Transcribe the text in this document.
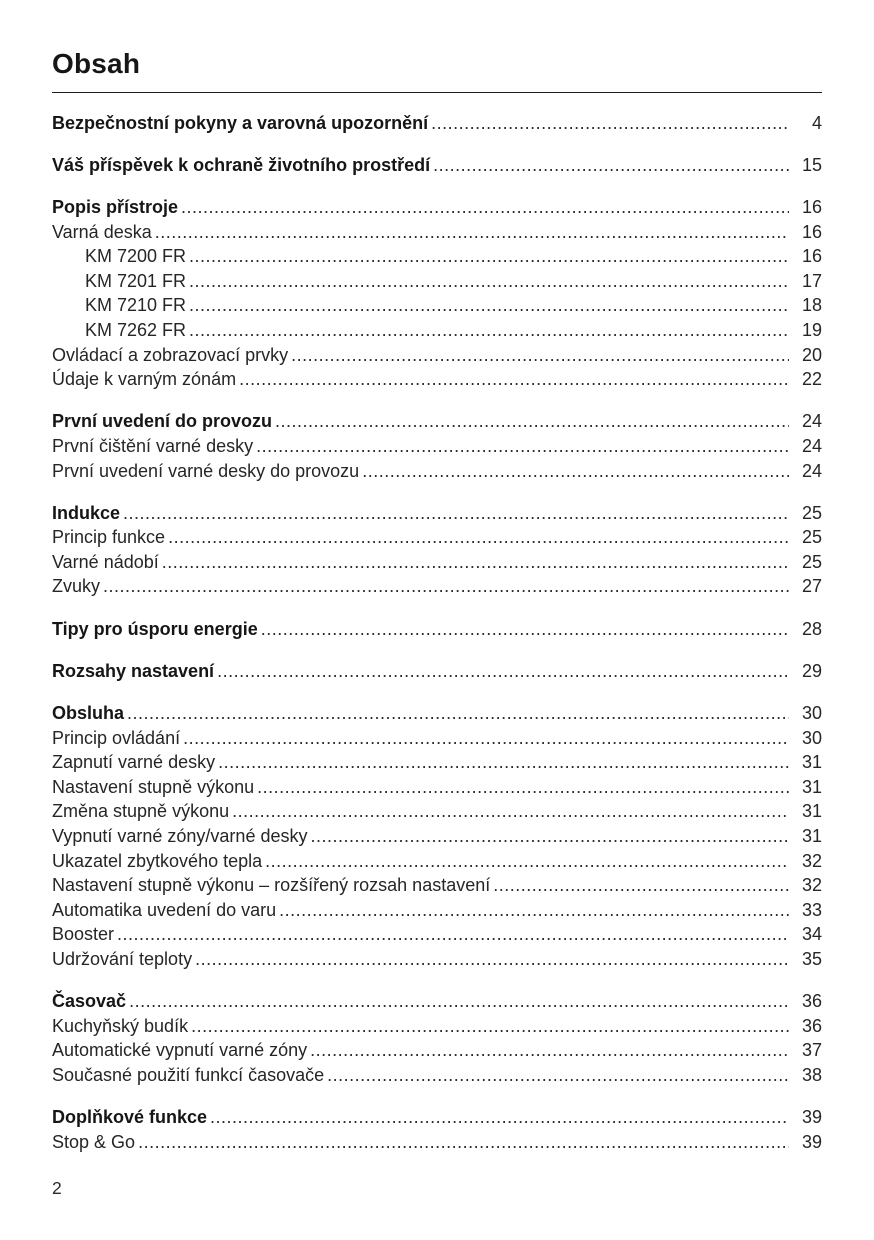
Obsah
Bezpečnostní pokyny a varovná upozornění .....	4
Váš příspěvek k ochraně životního prostředí .....	15
Popis přístroje .....	16
Varná deska .....	16
KM 7200 FR .....	16
KM 7201 FR .....	17
KM 7210 FR .....	18
KM 7262 FR .....	19
Ovládací a zobrazovací prvky .....	20
Údaje k varným zónám .....	22
První uvedení do provozu .....	24
První čištění varné desky .....	24
První uvedení varné desky do provozu .....	24
Indukce .....	25
Princip funkce .....	25
Varné nádobí .....	25
Zvuky .....	27
Tipy pro úsporu energie .....	28
Rozsahy nastavení .....	29
Obsluha .....	30
Princip ovládání .....	30
Zapnutí varné desky .....	31
Nastavení stupně výkonu .....	31
Změna stupně výkonu .....	31
Vypnutí varné zóny/varné desky .....	31
Ukazatel zbytkového tepla .....	32
Nastavení stupně výkonu – rozšířený rozsah nastavení .....	32
Automatika uvedení do varu .....	33
Booster .....	34
Udržování teploty .....	35
Časovač .....	36
Kuchyňský budík .....	36
Automatické vypnutí varné zóny .....	37
Současné použití funkcí časovače .....	38
Doplňkové funkce .....	39
Stop & Go .....	39
2
